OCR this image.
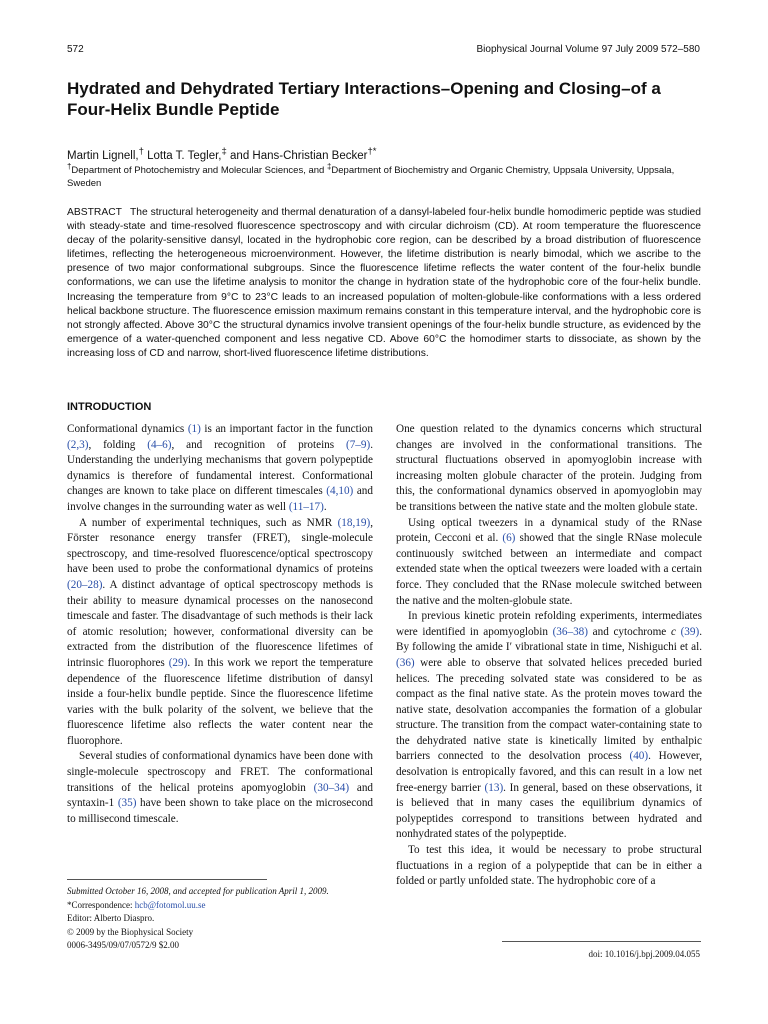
572	Biophysical Journal Volume 97 July 2009 572–580
Hydrated and Dehydrated Tertiary Interactions–Opening and Closing–of a Four-Helix Bundle Peptide
Martin Lignell,† Lotta T. Tegler,‡ and Hans-Christian Becker†*
†Department of Photochemistry and Molecular Sciences, and ‡Department of Biochemistry and Organic Chemistry, Uppsala University, Uppsala, Sweden

ABSTRACT The structural heterogeneity and thermal denaturation of a dansyl-labeled four-helix bundle homodimeric peptide was studied with steady-state and time-resolved fluorescence spectroscopy and with circular dichroism (CD). At room temperature the fluorescence decay of the polarity-sensitive dansyl, located in the hydrophobic core region, can be described by a broad distribution of fluorescence lifetimes, reflecting the heterogeneous microenvironment. However, the lifetime distribution is nearly bimodal, which we ascribe to the presence of two major conformational subgroups. Since the fluorescence lifetime reflects the water content of the four-helix bundle conformations, we can use the lifetime analysis to monitor the change in hydration state of the hydrophobic core of the four-helix bundle. Increasing the temperature from 9°C to 23°C leads to an increased population of molten-globule-like conformations with a less ordered helical backbone structure. The fluorescence emission maximum remains constant in this temperature interval, and the hydrophobic core is not strongly affected. Above 30°C the structural dynamics involve transient openings of the four-helix bundle structure, as evidenced by the emergence of a water-quenched component and less negative CD. Above 60°C the homodimer starts to dissociate, as shown by the increasing loss of CD and narrow, short-lived fluorescence lifetime distributions.

INTRODUCTION

Conformational dynamics (1) is an important factor in the function (2,3), folding (4–6), and recognition of proteins (7–9). Understanding the underlying mechanisms that govern polypeptide dynamics is therefore of fundamental interest. Conformational changes are known to take place on different timescales (4,10) and involve changes in the surrounding water as well (11–17).

A number of experimental techniques, such as NMR (18,19), Förster resonance energy transfer (FRET), single-molecule spectroscopy, and time-resolved fluorescence/optical spectroscopy have been used to probe the conformational dynamics of proteins (20–28). A distinct advantage of optical spectroscopy methods is their ability to measure dynamical processes on the nanosecond timescale and faster. The disadvantage of such methods is their lack of atomic resolution; however, conformational diversity can be extracted from the distribution of the fluorescence lifetimes of intrinsic fluorophores (29). In this work we report the temperature dependence of the fluorescence lifetime distribution of dansyl inside a four-helix bundle peptide. Since the fluorescence lifetime varies with the bulk polarity of the solvent, we believe that the fluorescence lifetime also reflects the water content near the fluorophore.

Several studies of conformational dynamics have been done with single-molecule spectroscopy and FRET. The conformational transitions of the helical proteins apomyoglobin (30–34) and syntaxin-1 (35) have been shown to take place on the microsecond to millisecond timescale.

One question related to the dynamics concerns which structural changes are involved in the conformational transitions. The structural fluctuations observed in apomyoglobin increase with increasing molten globule character of the protein. Judging from this, the conformational dynamics observed in apomyoglobin may be transitions between the native state and the molten globule state.

Using optical tweezers in a dynamical study of the RNase protein, Cecconi et al. (6) showed that the single RNase molecule continuously switched between an intermediate and compact extended state when the optical tweezers were loaded with a certain force. They concluded that the RNase molecule switched between the native and the molten-globule state.

In previous kinetic protein refolding experiments, intermediates were identified in apomyoglobin (36–38) and cytochrome c (39). By following the amide I′ vibrational state in time, Nishiguchi et al. (36) were able to observe that solvated helices preceded buried helices. The preceding solvated state was considered to be as compact as the final native state. As the protein moves toward the native state, desolvation accompanies the formation of a globular structure. The transition from the compact water-containing state to the dehydrated native state is kinetically limited by enthalpic barriers connected to the desolvation process (40). However, desolvation is entropically favored, and this can result in a low net free-energy barrier (13). In general, based on these observations, it is believed that in many cases the equilibrium dynamics of polypeptides correspond to transitions between hydrated and nonhydrated states of the polypeptide.

To test this idea, it would be necessary to probe structural fluctuations in a region of a polypeptide that can be in either a folded or partly unfolded state. The hydrophobic core of a

Submitted October 16, 2008, and accepted for publication April 1, 2009.
*Correspondence: hcb@fotomol.uu.se
Editor: Alberto Diaspro.
© 2009 by the Biophysical Society
0006-3495/09/07/0572/9 $2.00
doi: 10.1016/j.bpj.2009.04.055
